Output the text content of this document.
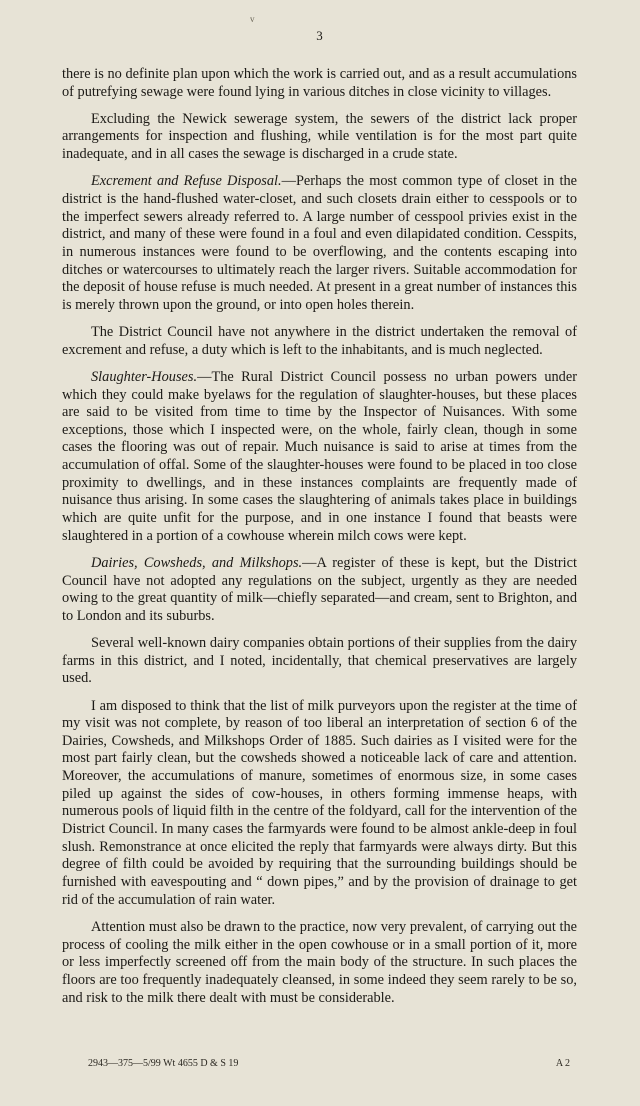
v
3

there is no definite plan upon which the work is carried out, and as a result accumulations of putrefying sewage were found lying in various ditches in close vicinity to villages.

Excluding the Newick sewerage system, the sewers of the district lack proper arrangements for inspection and flushing, while ventilation is for the most part quite inadequate, and in all cases the sewage is discharged in a crude state.

Excrement and Refuse Disposal.—Perhaps the most common type of closet in the district is the hand-flushed water-closet, and such closets drain either to cesspools or to the imperfect sewers already referred to. A large number of cesspool privies exist in the district, and many of these were found in a foul and even dilapidated condition. Cesspits, in numerous instances were found to be overflowing, and the contents escaping into ditches or watercourses to ultimately reach the larger rivers. Suitable accommodation for the deposit of house refuse is much needed. At present in a great number of instances this is merely thrown upon the ground, or into open holes therein.

The District Council have not anywhere in the district undertaken the removal of excrement and refuse, a duty which is left to the inhabitants, and is much neglected.

Slaughter-Houses.—The Rural District Council possess no urban powers under which they could make byelaws for the regulation of slaughter-houses, but these places are said to be visited from time to time by the Inspector of Nuisances. With some exceptions, those which I inspected were, on the whole, fairly clean, though in some cases the flooring was out of repair. Much nuisance is said to arise at times from the accumulation of offal. Some of the slaughter-houses were found to be placed in too close proximity to dwellings, and in these instances complaints are frequently made of nuisance thus arising. In some cases the slaughtering of animals takes place in buildings which are quite unfit for the purpose, and in one instance I found that beasts were slaughtered in a portion of a cowhouse wherein milch cows were kept.

Dairies, Cowsheds, and Milkshops.—A register of these is kept, but the District Council have not adopted any regulations on the subject, urgently as they are needed owing to the great quantity of milk—chiefly separated—and cream, sent to Brighton, and to London and its suburbs.

Several well-known dairy companies obtain portions of their supplies from the dairy farms in this district, and I noted, incidentally, that chemical preservatives are largely used.

I am disposed to think that the list of milk purveyors upon the register at the time of my visit was not complete, by reason of too liberal an interpretation of section 6 of the Dairies, Cowsheds, and Milkshops Order of 1885. Such dairies as I visited were for the most part fairly clean, but the cowsheds showed a noticeable lack of care and attention. Moreover, the accumulations of manure, sometimes of enormous size, in some cases piled up against the sides of cow-houses, in others forming immense heaps, with numerous pools of liquid filth in the centre of the foldyard, call for the intervention of the District Council. In many cases the farmyards were found to be almost ankle-deep in foul slush. Remonstrance at once elicited the reply that farmyards were always dirty. But this degree of filth could be avoided by requiring that the surrounding buildings should be furnished with eavespouting and “ down pipes,” and by the provision of drainage to get rid of the accumulation of rain water.

Attention must also be drawn to the practice, now very prevalent, of carrying out the process of cooling the milk either in the open cowhouse or in a small portion of it, more or less imperfectly screened off from the main body of the structure. In such places the floors are too frequently inadequately cleansed, in some indeed they seem rarely to be so, and risk to the milk there dealt with must be considerable.

2943—375—5/99 Wt 4655 D & S 19	A 2
